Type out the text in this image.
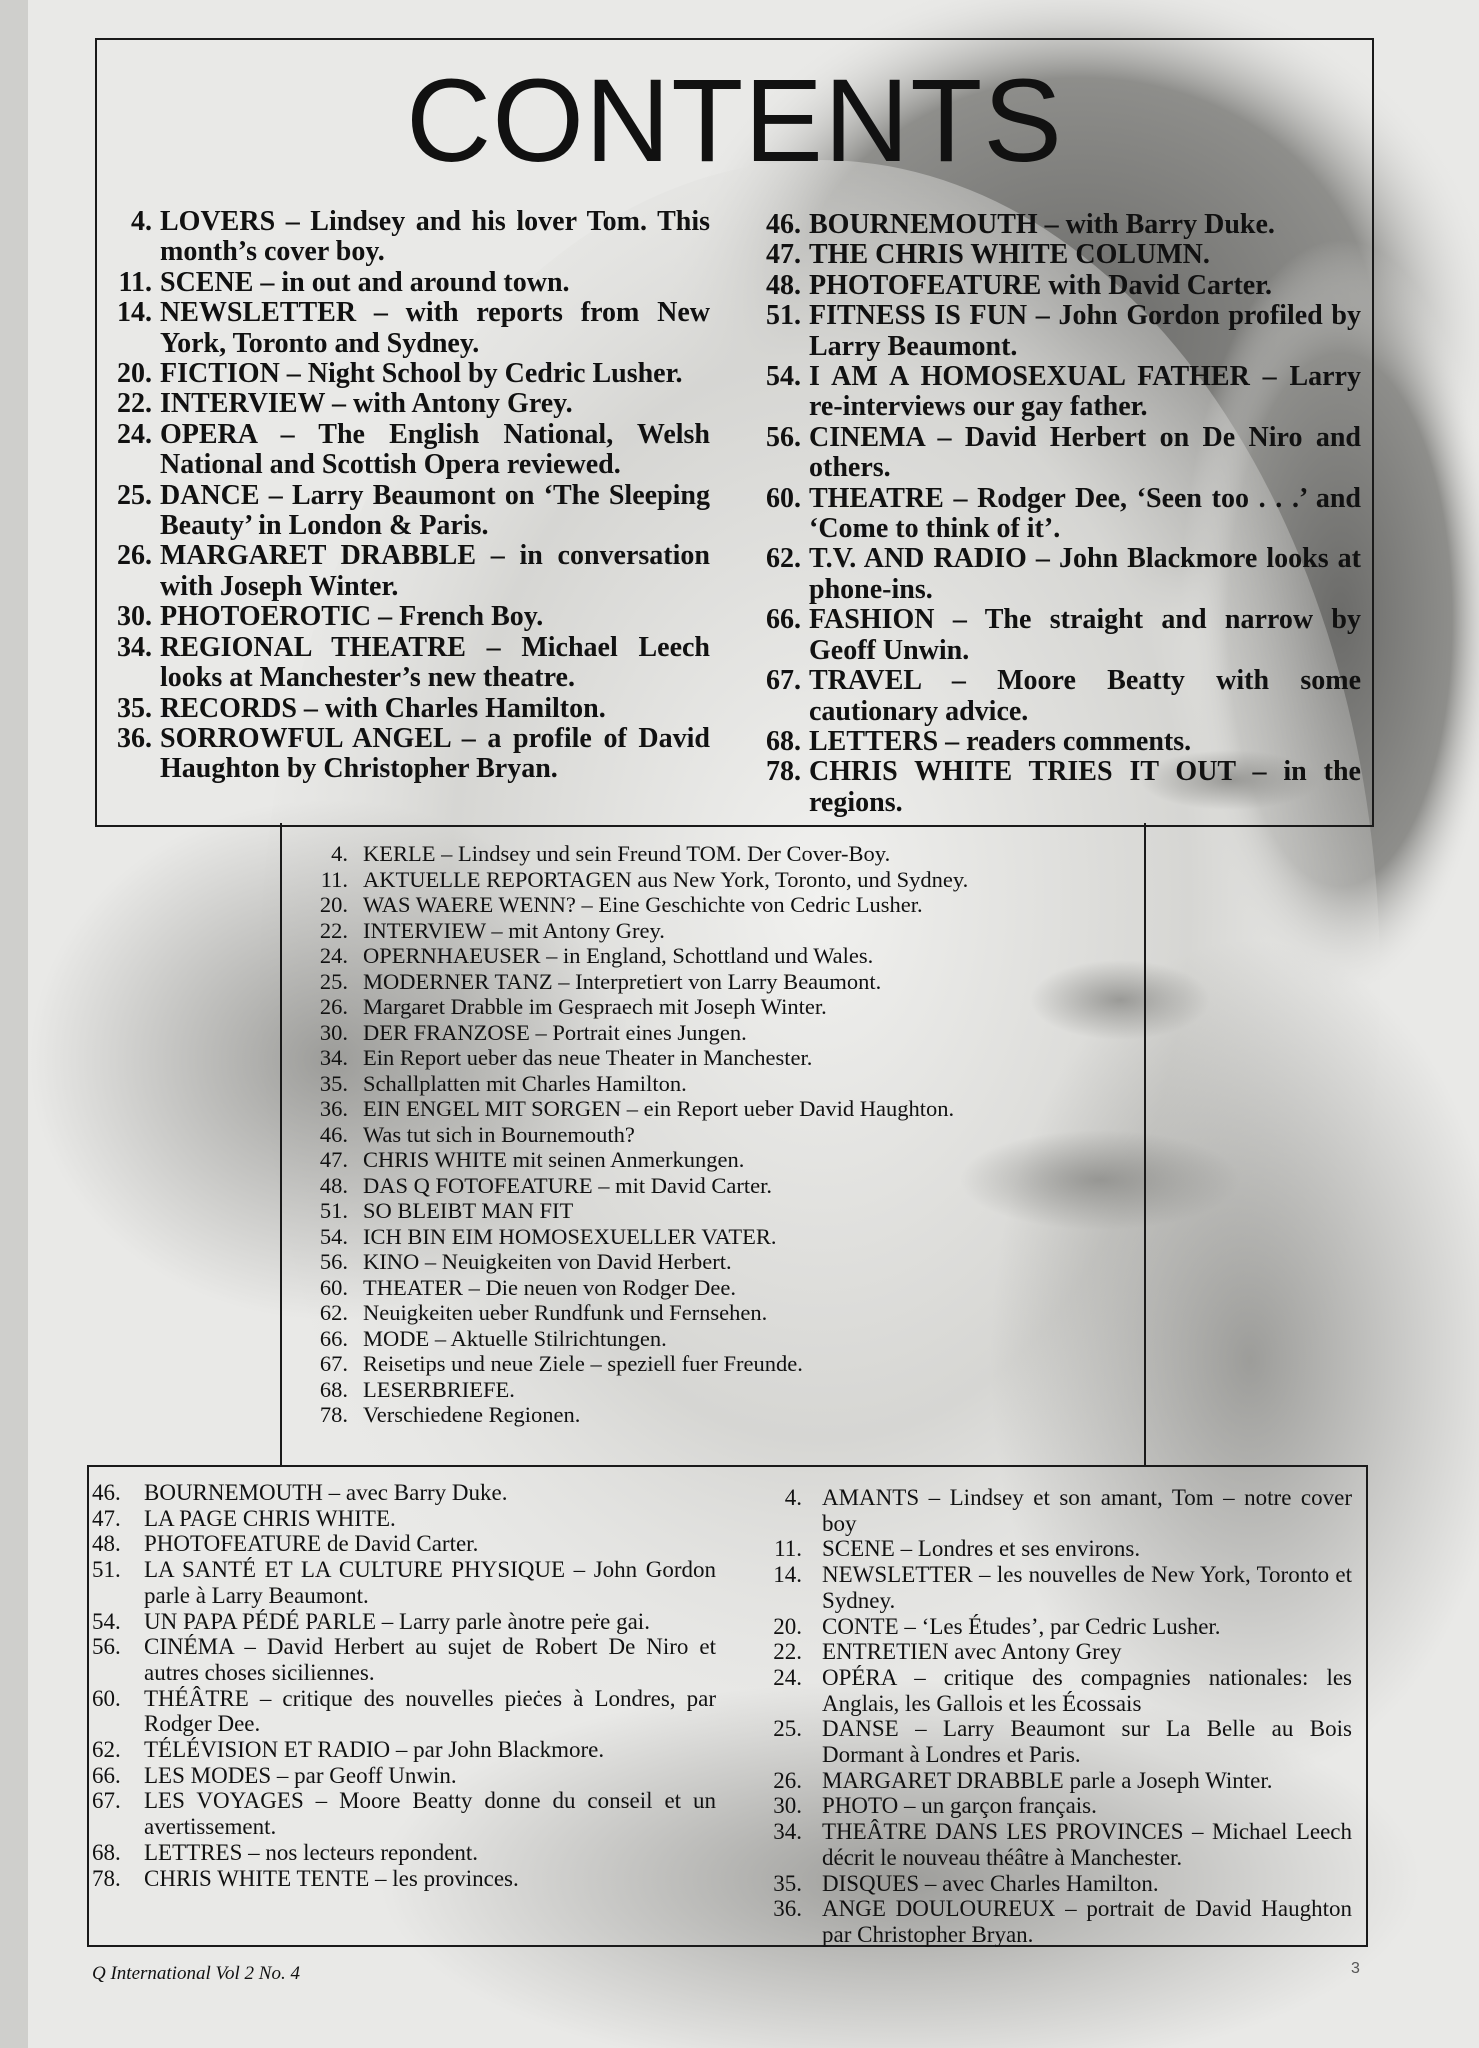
CONTENTS
4. LOVERS – Lindsey and his lover Tom. This month’s cover boy.
11. SCENE – in out and around town.
14. NEWSLETTER – with reports from New York, Toronto and Sydney.
20. FICTION – Night School by Cedric Lusher.
22. INTERVIEW – with Antony Grey.
24. OPERA – The English National, Welsh National and Scottish Opera reviewed.
25. DANCE – Larry Beaumont on ‘The Sleeping Beauty’ in London & Paris.
26. MARGARET DRABBLE – in conversation with Joseph Winter.
30. PHOTOEROTIC – French Boy.
34. REGIONAL THEATRE – Michael Leech looks at Manchester’s new theatre.
35. RECORDS – with Charles Hamilton.
36. SORROWFUL ANGEL – a profile of David Haughton by Christopher Bryan.
46. BOURNEMOUTH – with Barry Duke.
47. THE CHRIS WHITE COLUMN.
48. PHOTOFEATURE with David Carter.
51. FITNESS IS FUN – John Gordon profiled by Larry Beaumont.
54. I AM A HOMOSEXUAL FATHER – Larry re-interviews our gay father.
56. CINEMA – David Herbert on De Niro and others.
60. THEATRE – Rodger Dee, ‘Seen too . . .’ and ‘Come to think of it’.
62. T.V. AND RADIO – John Blackmore looks at phone-ins.
66. FASHION – The straight and narrow by Geoff Unwin.
67. TRAVEL – Moore Beatty with some cautionary advice.
68. LETTERS – readers comments.
78. CHRIS WHITE TRIES IT OUT – in the regions.
4. KERLE – Lindsey und sein Freund TOM. Der Cover-Boy.
11. AKTUELLE REPORTAGEN aus New York, Toronto, und Sydney.
20. WAS WAERE WENN? – Eine Geschichte von Cedric Lusher.
22. INTERVIEW – mit Antony Grey.
24. OPERNHAEUSER – in England, Schottland und Wales.
25. MODERNER TANZ – Interpretiert von Larry Beaumont.
26. Margaret Drabble im Gespraech mit Joseph Winter.
30. DER FRANZOSE – Portrait eines Jungen.
34. Ein Report ueber das neue Theater in Manchester.
35. Schallplatten mit Charles Hamilton.
36. EIN ENGEL MIT SORGEN – ein Report ueber David Haughton.
46. Was tut sich in Bournemouth?
47. CHRIS WHITE mit seinen Anmerkungen.
48. DAS Q FOTOFEATURE – mit David Carter.
51. SO BLEIBT MAN FIT
54. ICH BIN EIM HOMOSEXUELLER VATER.
56. KINO – Neuigkeiten von David Herbert.
60. THEATER – Die neuen von Rodger Dee.
62. Neuigkeiten ueber Rundfunk und Fernsehen.
66. MODE – Aktuelle Stilrichtungen.
67. Reisetips und neue Ziele – speziell fuer Freunde.
68. LESERBRIEFE.
78. Verschiedene Regionen.
46.	BOURNEMOUTH – avec Barry Duke.
47.	LA PAGE CHRIS WHITE.
48.	PHOTOFEATURE de David Carter.
51.	LA SANTÉ ET LA CULTURE PHYSIQUE – John Gordon parle à Larry Beaumont.
54.	UN PAPA PÉDÉ PARLE – Larry parle ànotre peṙe gai.
56.	CINÉMA – David Herbert au sujet de Robert De Niro et autres choses siciliennes.
60.	THÉÂTRE – critique des nouvelles pieċes à Londres, par Rodger Dee.
62.	TÉLÉVISION ET RADIO – par John Blackmore.
66.	LES MODES – par Geoff Unwin.
67.	LES VOYAGES – Moore Beatty donne du conseil et un avertissement.
68.	LETTRES – nos lecteurs repondent.
78.	CHRIS WHITE TENTE – les provinces.
4. AMANTS – Lindsey et son amant, Tom – notre cover boy
11. SCENE – Londres et ses environs.
14. NEWSLETTER – les nouvelles de New York, Toronto et Sydney.
20. CONTE – ‘Les Études’, par Cedric Lusher.
22. ENTRETIEN avec Antony Grey
24. OPÉRA – critique des compagnies nationales: les Anglais, les Gallois et les Écossais
25. DANSE – Larry Beaumont sur La Belle au Bois Dormant à Londres et Paris.
26. MARGARET DRABBLE parle a Joseph Winter.
30. PHOTO – un garçon français.
34. THEÂTRE DANS LES PROVINCES – Michael Leech décrit le nouveau théâtre à Manchester.
35. DISQUES – avec Charles Hamilton.
36. ANGE DOULOUREUX – portrait de David Haughton par Christopher Bryan.
Q International Vol 2 No. 4	3
